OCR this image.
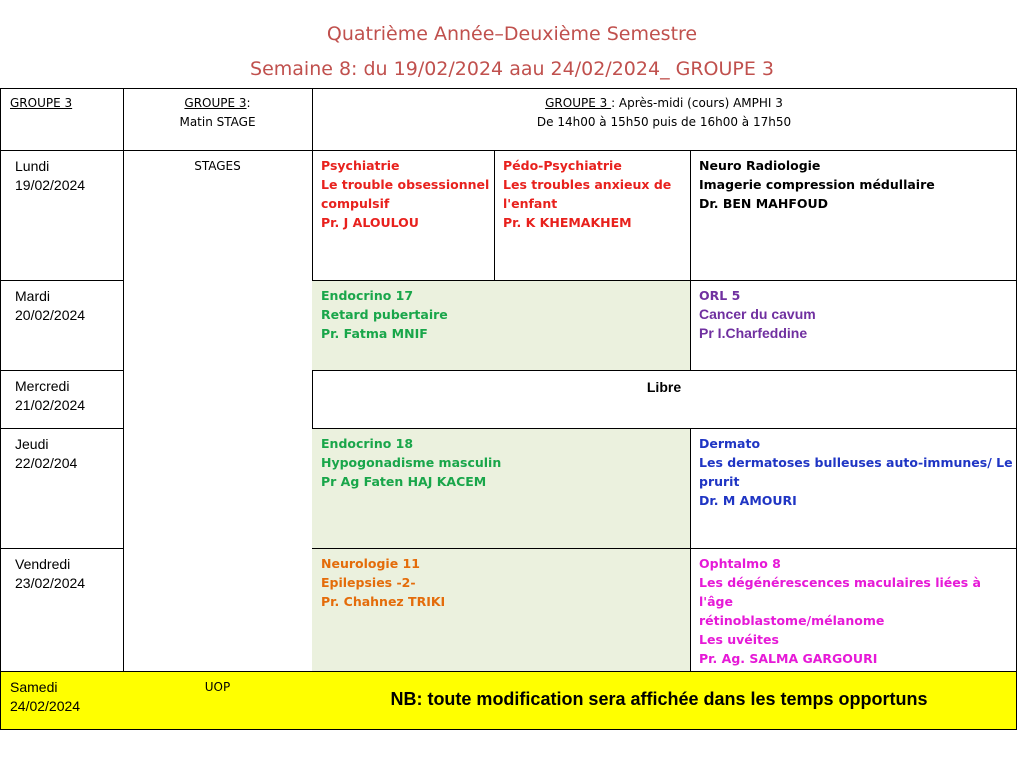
Quatrième Année–Deuxième Semestre
Semaine 8: du 19/02/2024 aau 24/02/2024_ GROUPE 3
GROUPE 3	GROUPE 3:
Matin STAGE
GROUPE 3 : Après-midi (cours) AMPHI 3
De 14h00 à 15h50 puis de 16h00 à 17h50
Lundi
19/02/2024
Mardi
20/02/2024
Mercredi
21/02/2024
Jeudi
22/02/204
Vendredi
23/02/2024
Samedi
24/02/2024
STAGES
UOP
Psychiatrie
Le trouble obsessionnel
compulsif
Pr. J ALOULOU
Pédo-Psychiatrie
Les troubles anxieux de
l'enfant
Pr. K KHEMAKHEM
Neuro Radiologie
Imagerie compression médullaire
Dr. BEN MAHFOUD
Endocrino 17
Retard pubertaire
Pr. Fatma MNIF
ORL 5
Cancer du cavum
Pr I.Charfeddine
Libre
Endocrino 18
Hypogonadisme masculin
Pr Ag Faten HAJ KACEM
Dermato
Les dermatoses bulleuses auto-immunes/ Le
prurit
Dr. M AMOURI
Neurologie 11
Epilepsies -2-
Pr. Chahnez TRIKI
Ophtalmo 8
Les dégénérescences maculaires liées à l'âge
rétinoblastome/mélanome
Les uvéites
Pr. Ag. SALMA GARGOURI
NB: toute modification sera affichée dans les temps opportuns
